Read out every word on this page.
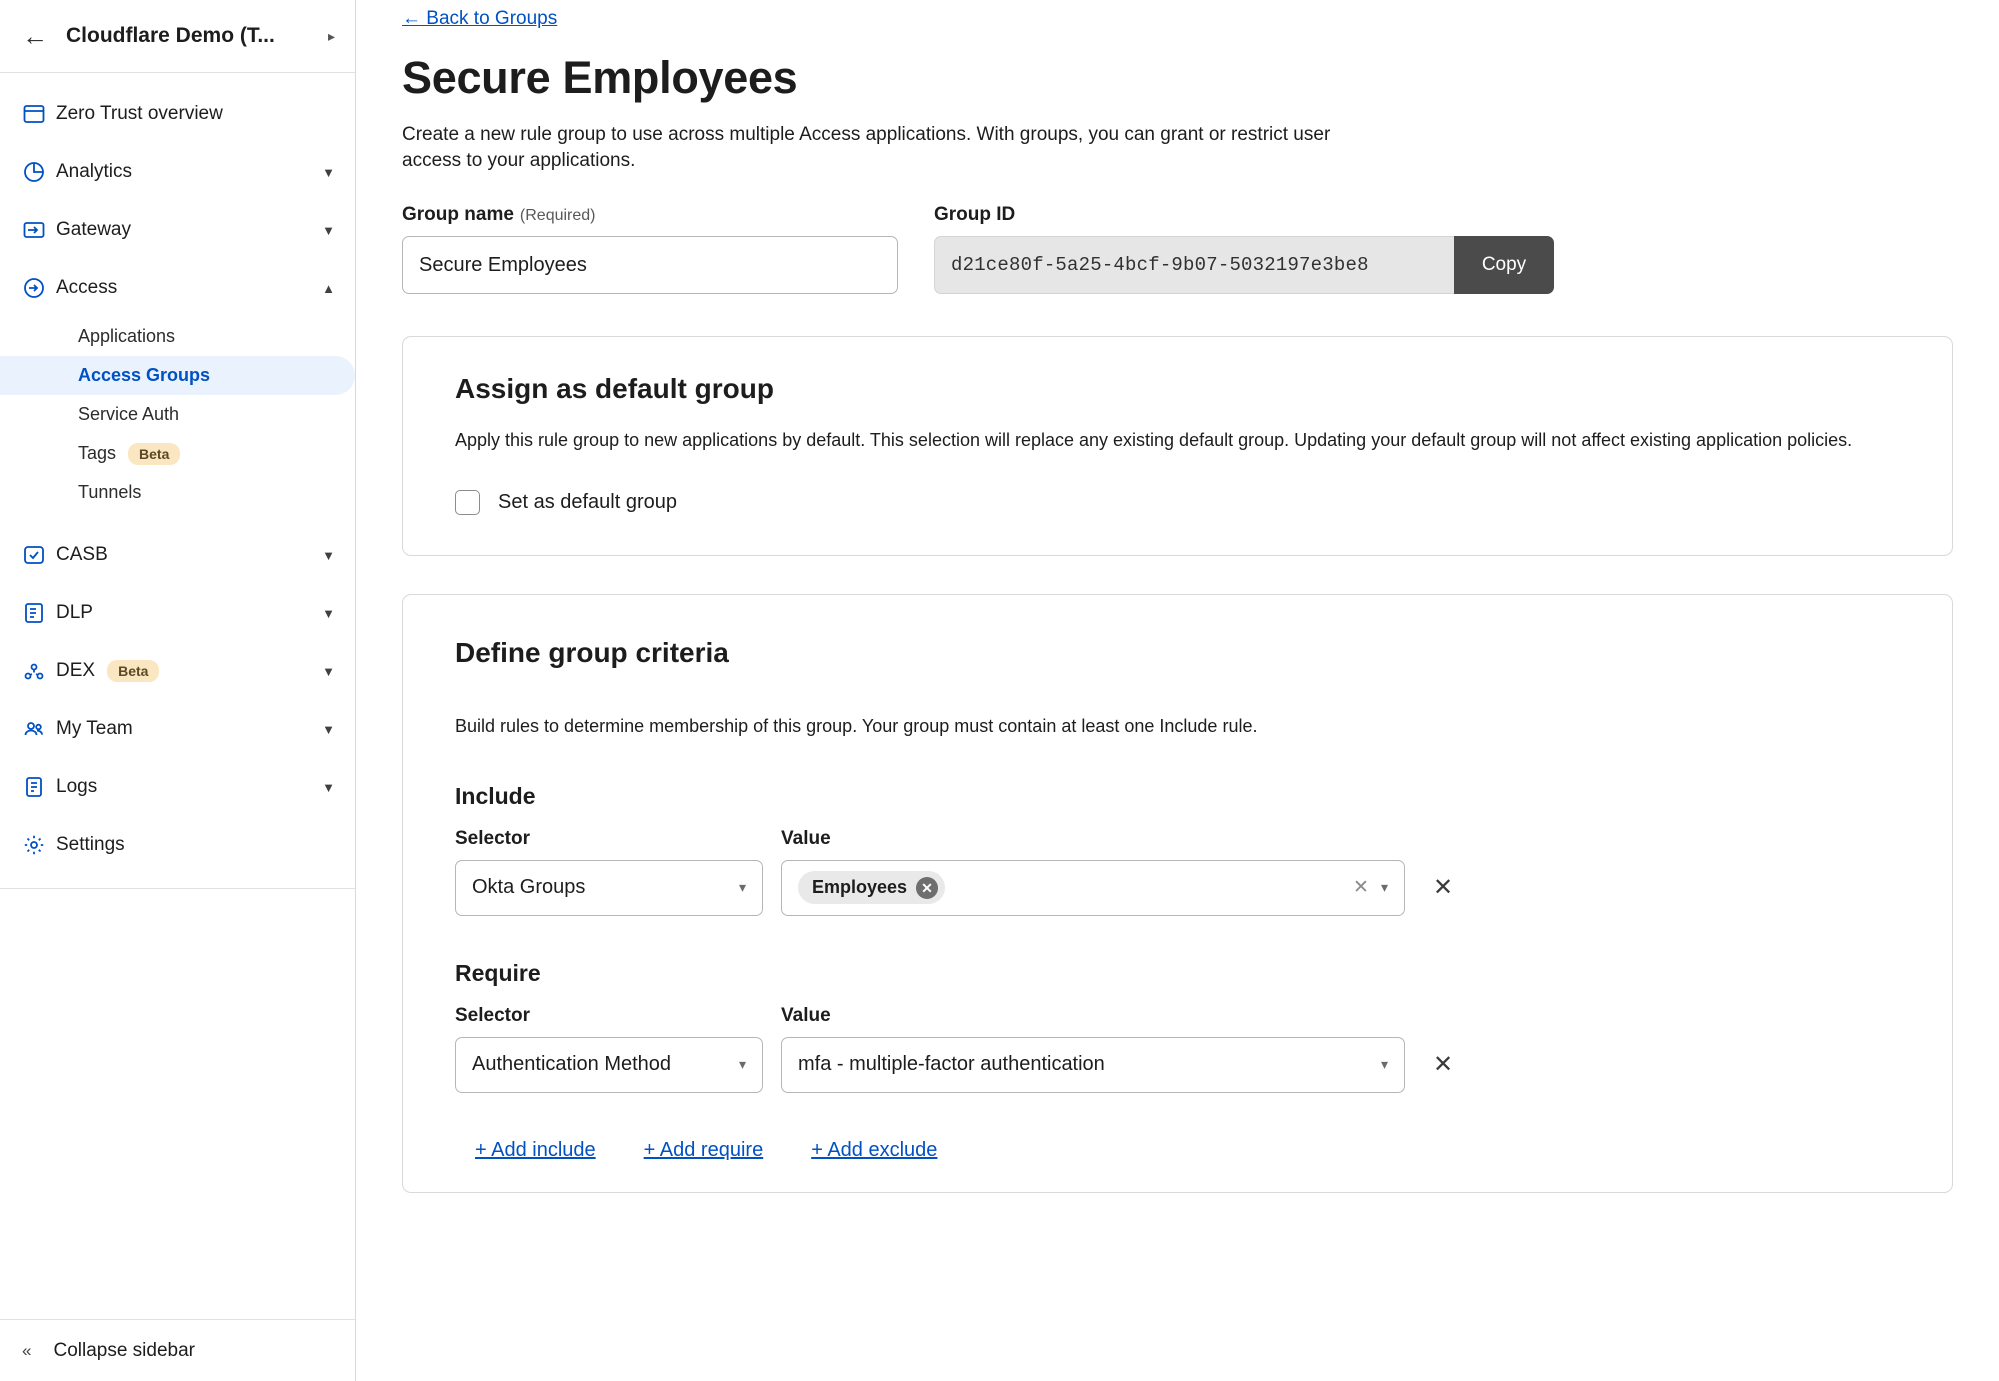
← Cloudflare Demo (T...	▸
Zero Trust overview
Analytics	▼
Gateway	▼
Access	▲
Applications
Access Groups
Service Auth
Tags	Beta
Tunnels
CASB	▼
DLP	▼
DEX	Beta	▼
My Team	▼
Logs	▼
Settings
« Collapse sidebar
← Back to Groups
Secure Employees
Create a new rule group to use across multiple Access applications. With groups, you can grant or restrict user access to your applications.
Group name (Required)
Secure Employees	Group ID
d21ce80f-5a25-4bcf-9b07-5032197e3be8	Copy
Assign as default group

Apply this rule group to new applications by default. This selection will replace any existing default group. Updating your default group will not affect existing application policies.

Set as default group
Define group criteria

Build rules to determine membership of this group. Your group must contain at least one Include rule.

Include
Selector
Okta Groups	▾
Value
Employees	✕	✕ ▾	✕
Require
Selector
Authentication Method	▾
Value
mfa - multiple-factor authentication	▾	✕
+ Add include + Add require + Add exclude
